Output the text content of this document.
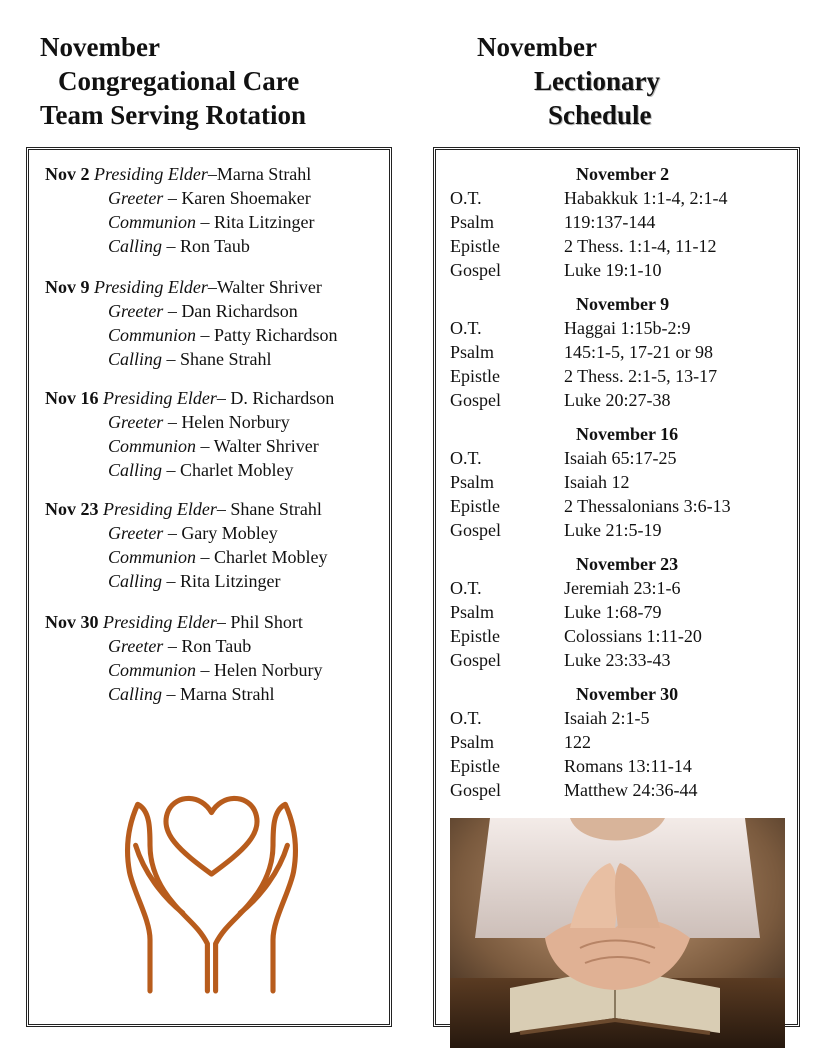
November
Congregational Care
Team Serving Rotation
November
Lectionary
Schedule
Nov 2 Presiding Elder–Marna Strahl
Greeter – Karen Shoemaker
Communion – Rita Litzinger
Calling – Ron Taub
Nov 9 Presiding Elder–Walter Shriver
Greeter – Dan Richardson
Communion – Patty Richardson
Calling – Shane Strahl
Nov 16 Presiding Elder– D. Richardson
Greeter – Helen Norbury
Communion – Walter Shriver
Calling – Charlet Mobley
Nov 23 Presiding Elder– Shane Strahl
Greeter – Gary Mobley
Communion – Charlet Mobley
Calling – Rita Litzinger
Nov 30 Presiding Elder– Phil Short
Greeter – Ron Taub
Communion – Helen Norbury
Calling – Marna Strahl
November 2
O.T.	Habakkuk 1:1-4, 2:1-4
Psalm	119:137-144
Epistle	2 Thess. 1:1-4, 11-12
Gospel	Luke 19:1-10
November 9
O.T.	Haggai 1:15b-2:9
Psalm	145:1-5, 17-21 or 98
Epistle	2 Thess. 2:1-5, 13-17
Gospel	Luke 20:27-38
November 16
O.T.	Isaiah 65:17-25
Psalm	Isaiah 12
Epistle	2 Thessalonians 3:6-13
Gospel	Luke 21:5-19
November 23
O.T.	Jeremiah 23:1-6
Psalm	Luke 1:68-79
Epistle	Colossians 1:11-20
Gospel	Luke 23:33-43
November 30
O.T.	Isaiah 2:1-5
Psalm	122
Epistle	Romans 13:11-14
Gospel	Matthew 24:36-44
